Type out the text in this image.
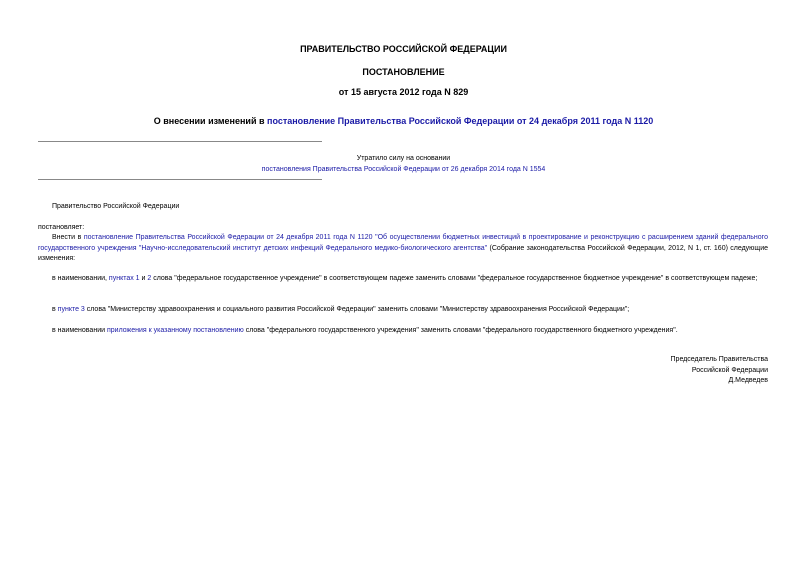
ПРАВИТЕЛЬСТВО РОССИЙСКОЙ ФЕДЕРАЦИИ
ПОСТАНОВЛЕНИЕ
от 15 августа 2012 года N 829
О внесении изменений в постановление Правительства Российской Федерации от 24 декабря 2011 года N 1120
Утратило силу на основании
постановления Правительства Российской Федерации от 26 декабря 2014 года N 1554
Правительство Российской Федерации
постановляет:
Внести в постановление Правительства Российской Федерации от 24 декабря 2011 года N 1120 "Об осуществлении бюджетных инвестиций в проектирование и реконструкцию с расширением зданий федерального государственного учреждения "Научно-исследовательский институт детских инфекций Федерального медико-биологического агентства" (Собрание законодательства Российской Федерации, 2012, N 1, ст. 160) следующие изменения:
в наименовании, пунктах 1 и 2 слова "федеральное государственное учреждение" в соответствующем падеже заменить словами "федеральное государственное бюджетное учреждение" в соответствующем падеже;
в пункте 3 слова "Министерству здравоохранения и социального развития Российской Федерации" заменить словами "Министерству здравоохранения Российской Федерации";
в наименовании приложения к указанному постановлению слова "федерального государственного учреждения" заменить словами "федерального государственного бюджетного учреждения".
Председатель Правительства
Российской Федерации
Д.Медведев
